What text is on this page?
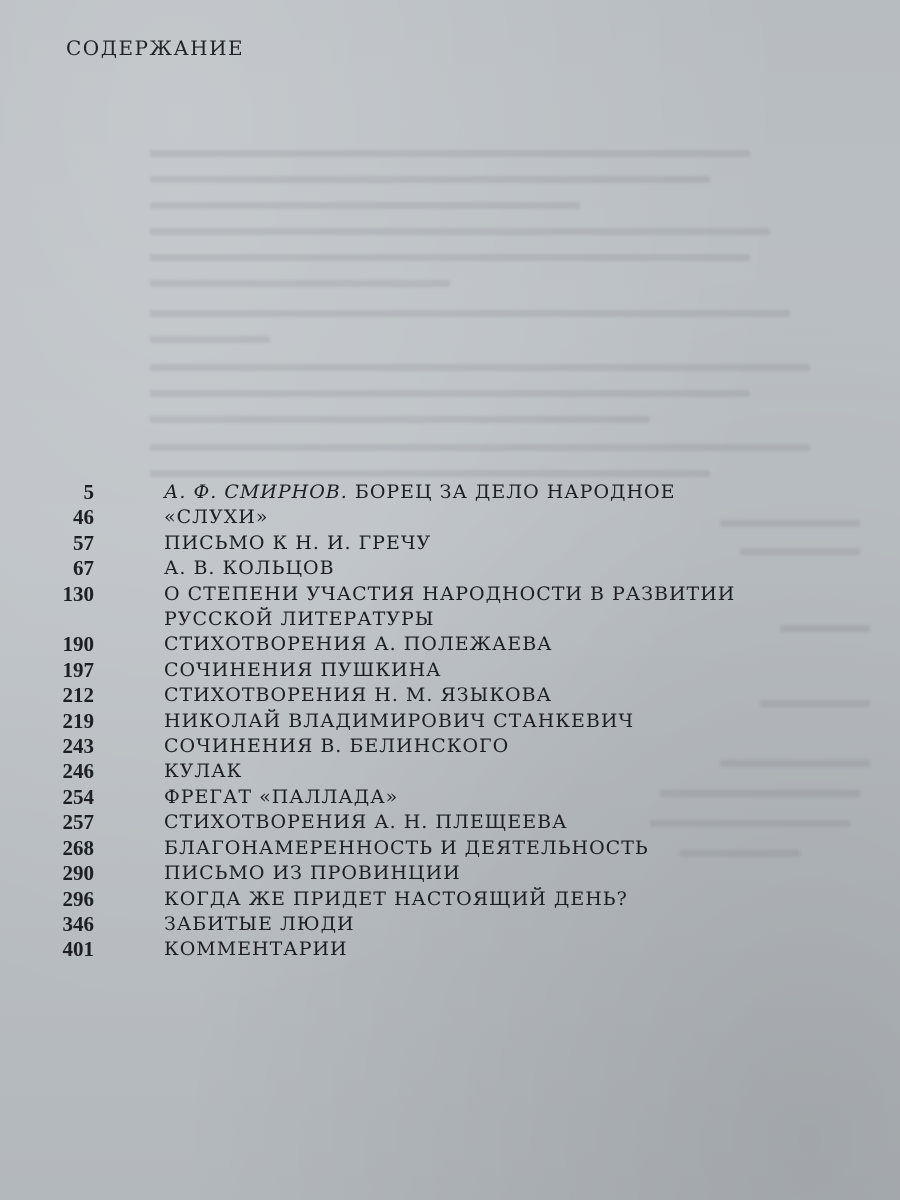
СОДЕРЖАНИЕ
5	А. Ф. СМИРНОВ. БОРЕЦ ЗА ДЕЛО НАРОДНОЕ
46	«СЛУХИ»
57	ПИСЬМО К Н. И. ГРЕЧУ
67	А. В. КОЛЬЦОВ
130	О СТЕПЕНИ УЧАСТИЯ НАРОДНОСТИ В РАЗВИТИИ
РУССКОЙ ЛИТЕРАТУРЫ
190	СТИХОТВОРЕНИЯ А. ПОЛЕЖАЕВА
197	СОЧИНЕНИЯ ПУШКИНА
212	СТИХОТВОРЕНИЯ Н. М. ЯЗЫКОВА
219	НИКОЛАЙ ВЛАДИМИРОВИЧ СТАНКЕВИЧ
243	СОЧИНЕНИЯ В. БЕЛИНСКОГО
246	КУЛАК
254	ФРЕГАТ «ПАЛЛАДА»
257	СТИХОТВОРЕНИЯ А. Н. ПЛЕЩЕЕВА
268	БЛАГОНАМЕРЕННОСТЬ И ДЕЯТЕЛЬНОСТЬ
290	ПИСЬМО ИЗ ПРОВИНЦИИ
296	КОГДА ЖЕ ПРИДЕТ НАСТОЯЩИЙ ДЕНЬ?
346	ЗАБИТЫЕ ЛЮДИ
401	КОММЕНТАРИИ
